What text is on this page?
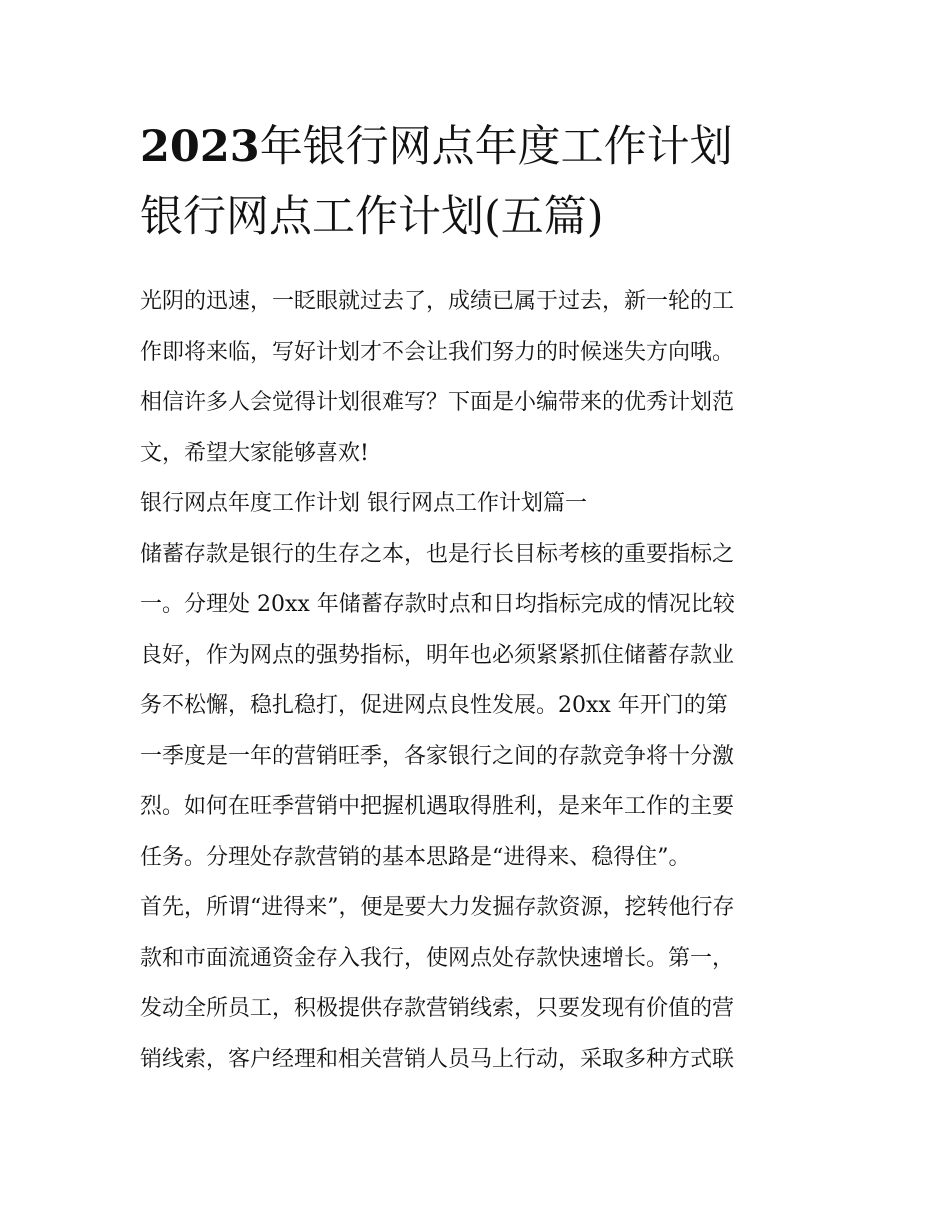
2023年银行网点年度工作计划
银行网点工作计划(五篇)
光阴的迅速，一眨眼就过去了，成绩已属于过去，新一轮的工
作即将来临，写好计划才不会让我们努力的时候迷失方向哦。
相信许多人会觉得计划很难写？下面是小编带来的优秀计划范
文，希望大家能够喜欢!
银行网点年度工作计划 银行网点工作计划篇一
储蓄存款是银行的生存之本，也是行长目标考核的重要指标之
一。分理处 20xx 年储蓄存款时点和日均指标完成的情况比较
良好，作为网点的强势指标，明年也必须紧紧抓住储蓄存款业
务不松懈，稳扎稳打，促进网点良性发展。20xx 年开门的第
一季度是一年的营销旺季，各家银行之间的存款竞争将十分激
烈。如何在旺季营销中把握机遇取得胜利，是来年工作的主要
任务。分理处存款营销的基本思路是“进得来、稳得住”。
首先，所谓“进得来”，便是要大力发掘存款资源，挖转他行存
款和市面流通资金存入我行，使网点处存款快速增长。第一，
发动全所员工，积极提供存款营销线索，只要发现有价值的营
销线索，客户经理和相关营销人员马上行动，采取多种方式联
